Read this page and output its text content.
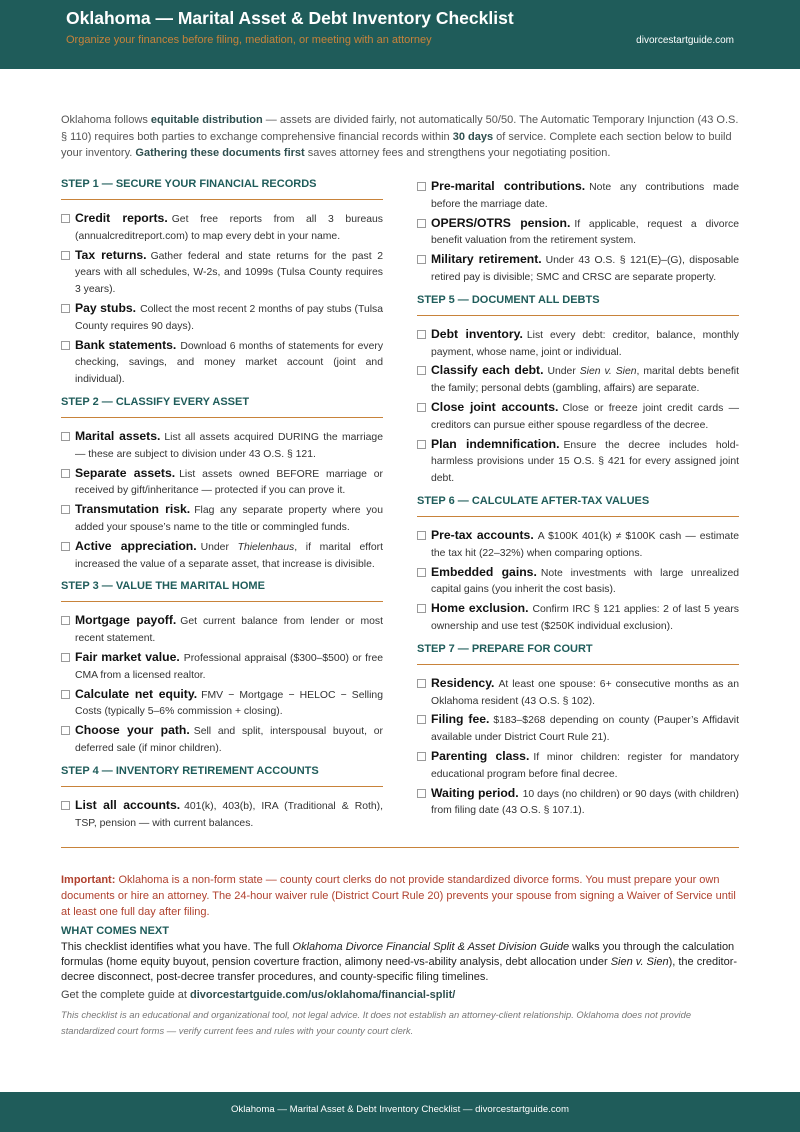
Oklahoma — Marital Asset & Debt Inventory Checklist
Organize your finances before filing, mediation, or meeting with an attorney	divorcestartguide.com

Oklahoma follows equitable distribution — assets are divided fairly, not automatically 50/50. The Automatic Temporary Injunction (43 O.S. § 110) requires both parties to exchange comprehensive financial records within 30 days of service. Complete each section below to build your inventory. Gathering these documents first saves attorney fees and strengthens your negotiating position.

STEP 1 — SECURE YOUR FINANCIAL RECORDS
Credit reports. Get free reports from all 3 bureaus (annualcreditreport.com) to map every debt in your name.
Tax returns. Gather federal and state returns for the past 2 years with all schedules, W-2s, and 1099s (Tulsa County requires 3 years).
Pay stubs. Collect the most recent 2 months of pay stubs (Tulsa County requires 90 days).
Bank statements. Download 6 months of statements for every checking, savings, and money market account (joint and individual).
STEP 2 — CLASSIFY EVERY ASSET
Marital assets. List all assets acquired DURING the marriage — these are subject to division under 43 O.S. § 121.
Separate assets. List assets owned BEFORE marriage or received by gift/inheritance — protected if you can prove it.
Transmutation risk. Flag any separate property where you added your spouse’s name to the title or commingled funds.
Active appreciation. Under Thielenhaus, if marital effort increased the value of a separate asset, that increase is divisible.
STEP 3 — VALUE THE MARITAL HOME
Mortgage payoff. Get current balance from lender or most recent statement.
Fair market value. Professional appraisal ($300–$500) or free CMA from a licensed realtor.
Calculate net equity. FMV − Mortgage − HELOC − Selling Costs (typically 5–6% commission + closing).
Choose your path. Sell and split, interspousal buyout, or deferred sale (if minor children).
STEP 4 — INVENTORY RETIREMENT ACCOUNTS
List all accounts. 401(k), 403(b), IRA (Traditional & Roth), TSP, pension — with current balances.
Pre-marital contributions. Note any contributions made before the marriage date.
OPERS/OTRS pension. If applicable, request a divorce benefit valuation from the retirement system.
Military retirement. Under 43 O.S. § 121(E)–(G), disposable retired pay is divisible; SMC and CRSC are separate property.
STEP 5 — DOCUMENT ALL DEBTS
Debt inventory. List every debt: creditor, balance, monthly payment, whose name, joint or individual.
Classify each debt. Under Sien v. Sien, marital debts benefit the family; personal debts (gambling, affairs) are separate.
Close joint accounts. Close or freeze joint credit cards — creditors can pursue either spouse regardless of the decree.
Plan indemnification. Ensure the decree includes hold-harmless provisions under 15 O.S. § 421 for every assigned joint debt.
STEP 6 — CALCULATE AFTER-TAX VALUES
Pre-tax accounts. A $100K 401(k) ≠ $100K cash — estimate the tax hit (22–32%) when comparing options.
Embedded gains. Note investments with large unrealized capital gains (you inherit the cost basis).
Home exclusion. Confirm IRC § 121 applies: 2 of last 5 years ownership and use test ($250K individual exclusion).
STEP 7 — PREPARE FOR COURT
Residency. At least one spouse: 6+ consecutive months as an Oklahoma resident (43 O.S. § 102).
Filing fee. $183–$268 depending on county (Pauper’s Affidavit available under District Court Rule 21).
Parenting class. If minor children: register for mandatory educational program before final decree.
Waiting period. 10 days (no children) or 90 days (with children) from filing date (43 O.S. § 107.1).

Important: Oklahoma is a non-form state — county court clerks do not provide standardized divorce forms. You must prepare your own documents or hire an attorney. The 24-hour waiver rule (District Court Rule 20) prevents your spouse from signing a Waiver of Service until at least one full day after filing.

WHAT COMES NEXT

This checklist identifies what you have. The full Oklahoma Divorce Financial Split & Asset Division Guide walks you through the calculation formulas (home equity buyout, pension coverture fraction, alimony need-vs-ability analysis, debt allocation under Sien v. Sien), the creditor-decree disconnect, post-decree transfer procedures, and county-specific filing timelines.

Get the complete guide at divorcestartguide.com/us/oklahoma/financial-split/

This checklist is an educational and organizational tool, not legal advice. It does not establish an attorney-client relationship. Oklahoma does not provide standardized court forms — verify current fees and rules with your county court clerk.

Oklahoma — Marital Asset & Debt Inventory Checklist — divorcestartguide.com
